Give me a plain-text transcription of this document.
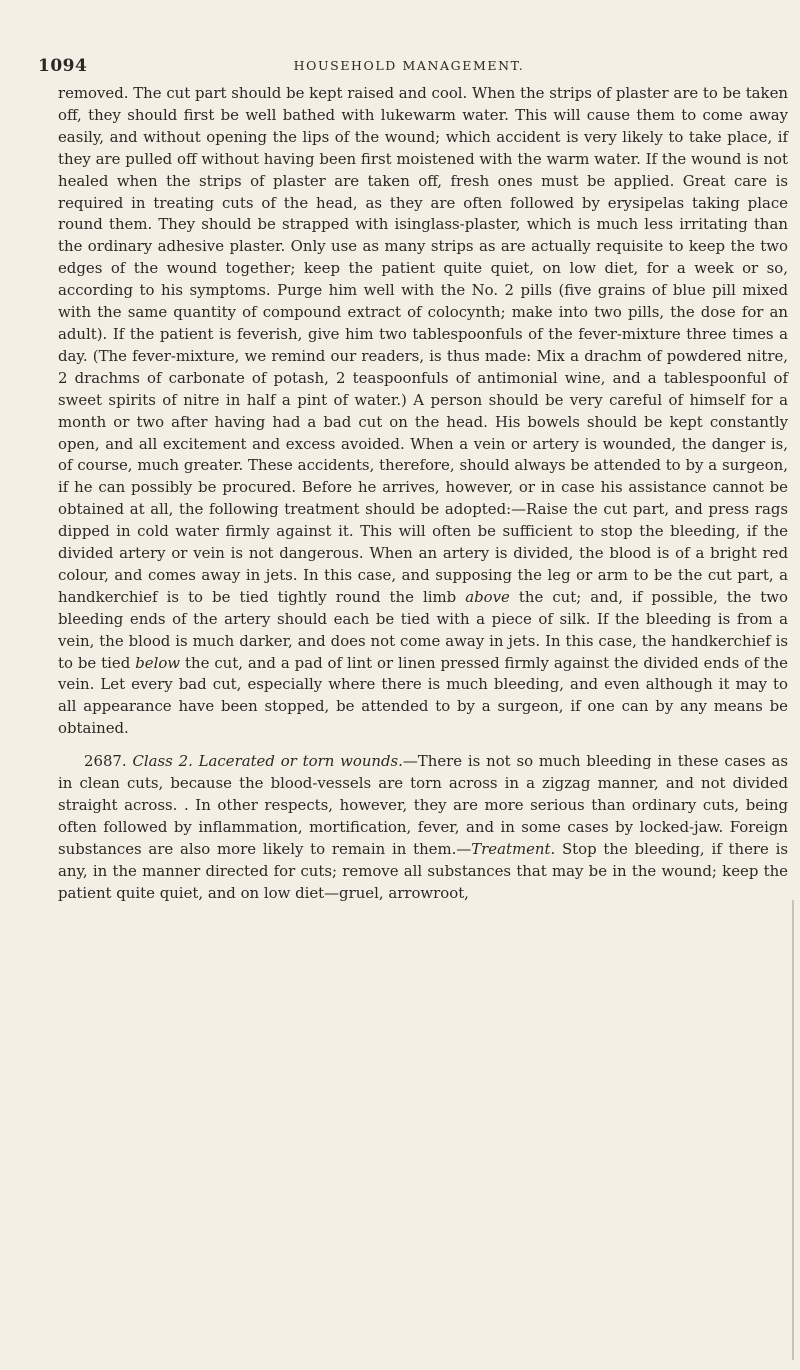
1094	HOUSEHOLD MANAGEMENT.

removed. The cut part should be kept raised and cool. When the strips of plaster are to be taken off, they should first be well bathed with lukewarm water. This will cause them to come away easily, and without opening the lips of the wound; which accident is very likely to take place, if they are pulled off without having been first moistened with the warm water. If the wound is not healed when the strips of plaster are taken off, fresh ones must be applied. Great care is required in treating cuts of the head, as they are often followed by erysipelas taking place round them. They should be strapped with isinglass-plaster, which is much less irritating than the ordinary adhesive plaster. Only use as many strips as are actually requisite to keep the two edges of the wound together; keep the patient quite quiet, on low diet, for a week or so, according to his symptoms. Purge him well with the No. 2 pills (five grains of blue pill mixed with the same quantity of compound extract of colocynth; make into two pills, the dose for an adult). If the patient is feverish, give him two tablespoonfuls of the fever-mixture three times a day. (The fever-mixture, we remind our readers, is thus made: Mix a drachm of powdered nitre, 2 drachms of carbonate of potash, 2 teaspoonfuls of antimonial wine, and a tablespoonful of sweet spirits of nitre in half a pint of water.) A person should be very careful of himself for a month or two after having had a bad cut on the head. His bowels should be kept constantly open, and all excitement and excess avoided. When a vein or artery is wounded, the danger is, of course, much greater. These accidents, therefore, should always be attended to by a surgeon, if he can possibly be procured. Before he arrives, however, or in case his assistance cannot be obtained at all, the following treatment should be adopted:—Raise the cut part, and press rags dipped in cold water firmly against it. This will often be sufficient to stop the bleeding, if the divided artery or vein is not dangerous. When an artery is divided, the blood is of a bright red colour, and comes away in jets. In this case, and supposing the leg or arm to be the cut part, a handkerchief is to be tied tightly round the limb above the cut; and, if possible, the two bleeding ends of the artery should each be tied with a piece of silk. If the bleeding is from a vein, the blood is much darker, and does not come away in jets. In this case, the handkerchief is to be tied below the cut, and a pad of lint or linen pressed firmly against the divided ends of the vein. Let every bad cut, especially where there is much bleeding, and even although it may to all appearance have been stopped, be attended to by a surgeon, if one can by any means be obtained.

2687. Class 2. Lacerated or torn wounds.—There is not so much bleeding in these cases as in clean cuts, because the blood-vessels are torn across in a zigzag manner, and not divided straight across. . In other respects, however, they are more serious than ordinary cuts, being often followed by inflammation, mortification, fever, and in some cases by locked-jaw. Foreign substances are also more likely to remain in them.—Treatment. Stop the bleeding, if there is any, in the manner directed for cuts; remove all substances that may be in the wound; keep the patient quite quiet, and on low diet—gruel, arrowroot,
